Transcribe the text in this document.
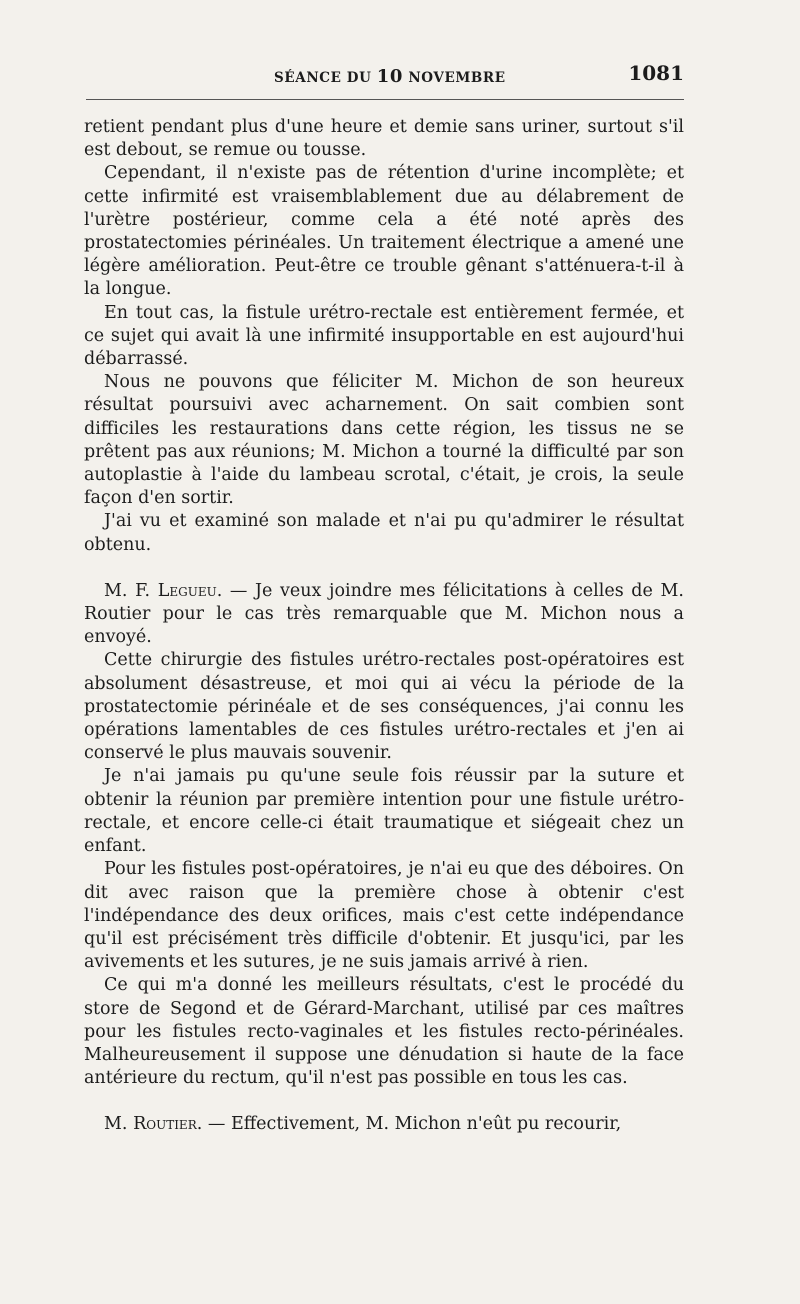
SÉANCE DU 10 NOVEMBRE	1081

retient pendant plus d'une heure et demie sans uriner, surtout s'il est debout, se remue ou tousse.

Cependant, il n'existe pas de rétention d'urine incomplète; et cette infirmité est vraisemblablement due au délabrement de l'urètre postérieur, comme cela a été noté après des prostatectomies périnéales. Un traitement électrique a amené une légère amélioration. Peut-être ce trouble gênant s'atténuera-t-il à la longue.

En tout cas, la fistule urétro-rectale est entièrement fermée, et ce sujet qui avait là une infirmité insupportable en est aujourd'hui débarrassé.

Nous ne pouvons que féliciter M. Michon de son heureux résultat poursuivi avec acharnement. On sait combien sont difficiles les restaurations dans cette région, les tissus ne se prêtent pas aux réunions; M. Michon a tourné la difficulté par son autoplastie à l'aide du lambeau scrotal, c'était, je crois, la seule façon d'en sortir.

J'ai vu et examiné son malade et n'ai pu qu'admirer le résultat obtenu.

M. F. Legueu. — Je veux joindre mes félicitations à celles de M. Routier pour le cas très remarquable que M. Michon nous a envoyé.

Cette chirurgie des fistules urétro-rectales post-opératoires est absolument désastreuse, et moi qui ai vécu la période de la prostatectomie périnéale et de ses conséquences, j'ai connu les opérations lamentables de ces fistules urétro-rectales et j'en ai conservé le plus mauvais souvenir.

Je n'ai jamais pu qu'une seule fois réussir par la suture et obtenir la réunion par première intention pour une fistule urétro-rectale, et encore celle-ci était traumatique et siégeait chez un enfant.

Pour les fistules post-opératoires, je n'ai eu que des déboires. On dit avec raison que la première chose à obtenir c'est l'indépendance des deux orifices, mais c'est cette indépendance qu'il est précisément très difficile d'obtenir. Et jusqu'ici, par les avivements et les sutures, je ne suis jamais arrivé à rien.

Ce qui m'a donné les meilleurs résultats, c'est le procédé du store de Segond et de Gérard-Marchant, utilisé par ces maîtres pour les fistules recto-vaginales et les fistules recto-périnéales. Malheureusement il suppose une dénudation si haute de la face antérieure du rectum, qu'il n'est pas possible en tous les cas.

M. Routier. — Effectivement, M. Michon n'eût pu recourir,
